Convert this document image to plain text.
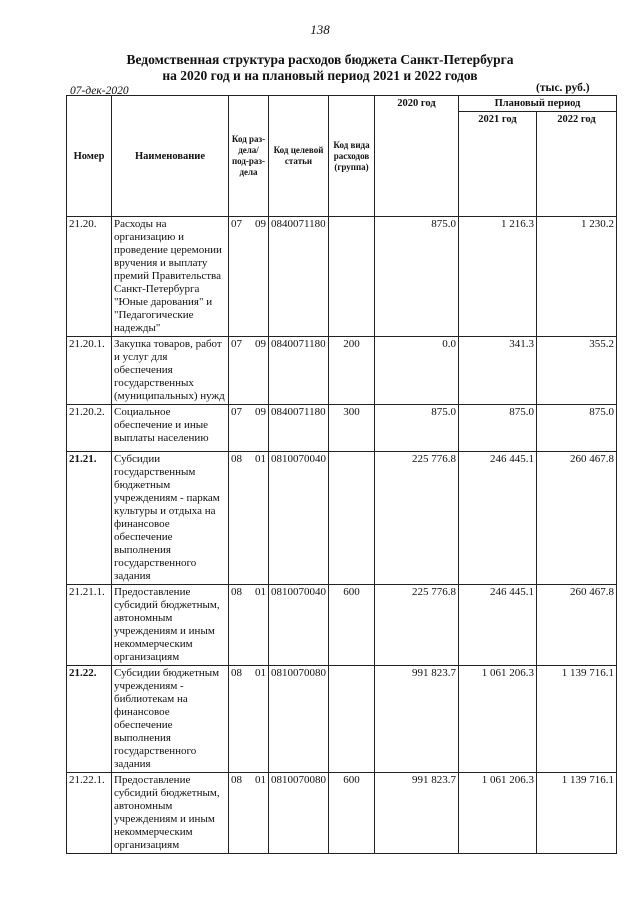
138
Ведомственная структура расходов бюджета Санкт-Петербурга
на 2020 год и на плановый период 2021 и 2022 годов
07-дек-2020	(тыс. руб.)
Номер	Наименование	Код раз-дела/ под-раз-дела	Код целевой статьи	Код вида расходов (группа)	2020 год	Плановый период	
						2021 год	2022 год
21.20.	Расходы на организацию и проведение церемонии вручения и выплату премий Правительства Санкт-Петербурга "Юные дарования" и "Педагогические надежды"	07 09	0840071180		875.0	1 216.3	1 230.2
21.20.1.	Закупка товаров, работ и услуг для обеспечения государственных (муниципальных) нужд	07 09	0840071180	200	0.0	341.3	355.2
21.20.2.	Социальное обеспечение и иные выплаты населению	07 09	0840071180	300	875.0	875.0	875.0
21.21.	Субсидии государственным бюджетным учреждениям - паркам культуры и отдыха на финансовое обеспечение выполнения государственного задания	08 01	0810070040		225 776.8	246 445.1	260 467.8
21.21.1.	Предоставление субсидий бюджетным, автономным учреждениям и иным некоммерческим организациям	08 01	0810070040	600	225 776.8	246 445.1	260 467.8
21.22.	Субсидии бюджетным учреждениям - библиотекам на финансовое обеспечение выполнения государственного задания	08 01	0810070080		991 823.7	1 061 206.3	1 139 716.1
21.22.1.	Предоставление субсидий бюджетным, автономным учреждениям и иным некоммерческим организациям	08 01	0810070080	600	991 823.7	1 061 206.3	1 139 716.1
